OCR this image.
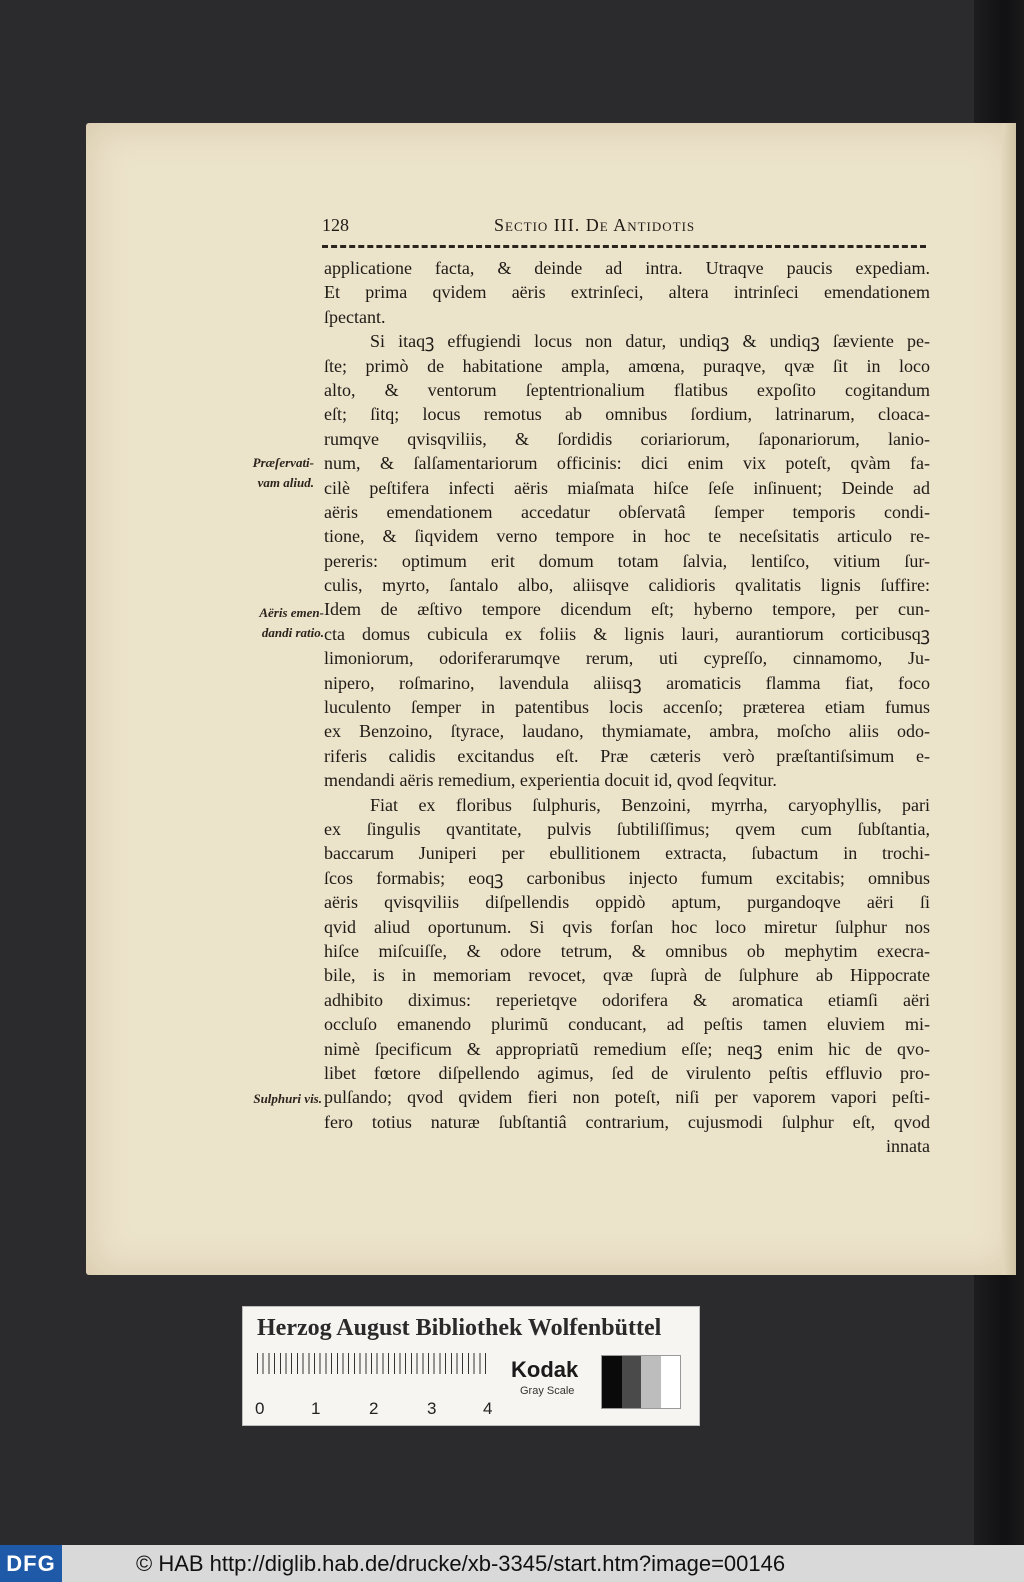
128	Sectio III. De Antidotis
Præſervati-
vam aliud.
Aëris emen-
dandi ratio.
Sulphuri vis.
applicatione facta, & deinde ad intra. Utraqve paucis expediam.
Et prima qvidem aëris extrinſeci, altera intrinſeci emendationem
ſpectant.
Si itaqꝫ effugiendi locus non datur, undiqꝫ & undiqꝫ ſæviente pe-
ſte; primò de habitatione ampla, amœna, puraqve, qvæ ſit in loco
alto, & ventorum ſeptentrionalium flatibus expoſito cogitandum
eſt; ſitq; locus remotus ab omnibus ſordium, latrinarum, cloaca-
rumqve qvisqviliis, & ſordidis coriariorum, ſaponariorum, lanio-
num, & ſalſamentariorum officinis: dici enim vix poteſt, qvàm fa-
cilè peſtifera infecti aëris miaſmata hiſce ſeſe inſinuent; Deinde ad
aëris emendationem accedatur obſervatâ ſemper temporis condi-
tione, & ſiqvidem verno tempore in hoc te neceſsitatis articulo re-
pereris: optimum erit domum totam ſalvia, lentiſco, vitium ſur-
culis, myrto, ſantalo albo, aliisqve calidioris qvalitatis lignis ſuffire:
Idem de æſtivo tempore dicendum eſt; hyberno tempore, per cun-
cta domus cubicula ex foliis & lignis lauri, aurantiorum corticibusqꝫ
limoniorum, odoriferarumqve rerum, uti cypreſſo, cinnamomo, Ju-
nipero, roſmarino, lavendula aliisqꝫ aromaticis flamma fiat, foco
luculento ſemper in patentibus locis accenſo; præterea etiam fumus
ex Benzoino, ſtyrace, laudano, thymiamate, ambra, moſcho aliis odo-
riferis calidis excitandus eſt. Præ cæteris verò præſtantiſsimum e-
mendandi aëris remedium, experientia docuit id, qvod ſeqvitur.
Fiat ex floribus ſulphuris, Benzoini, myrrha, caryophyllis, pari
ex ſingulis qvantitate, pulvis ſubtiliſſimus; qvem cum ſubſtantia,
baccarum Juniperi per ebullitionem extracta, ſubactum in trochi-
ſcos formabis; eoqꝫ carbonibus injecto fumum excitabis; omnibus
aëris qvisqviliis diſpellendis oppidò aptum, purgandoqve aëri ſi
qvid aliud oportunum. Si qvis forſan hoc loco miretur ſulphur nos
hiſce miſcuiſſe, & odore tetrum, & omnibus ob mephytim execra-
bile, is in memoriam revocet, qvæ ſuprà de ſulphure ab Hippocrate
adhibito diximus: reperietqve odorifera & aromatica etiamſi aëri
occluſo emanendo plurimũ conducant, ad peſtis tamen eluviem mi-
nimè ſpecificum & appropriatũ remedium eſſe; neqꝫ enim hic de qvo-
libet fœtore diſpellendo agimus, ſed de virulento peſtis effluvio pro-
pulſando; qvod qvidem fieri non poteſt, niſi per vaporem vapori peſti-
fero totius naturæ ſubſtantiâ contrarium, cujusmodi ſulphur eſt, qvod
innata
Herzog August Bibliothek Wolfenbüttel
0	1	2	3	4
Kodak
Gray Scale
DFG	© HAB http://diglib.hab.de/drucke/xb-3345/start.htm?image=00146
